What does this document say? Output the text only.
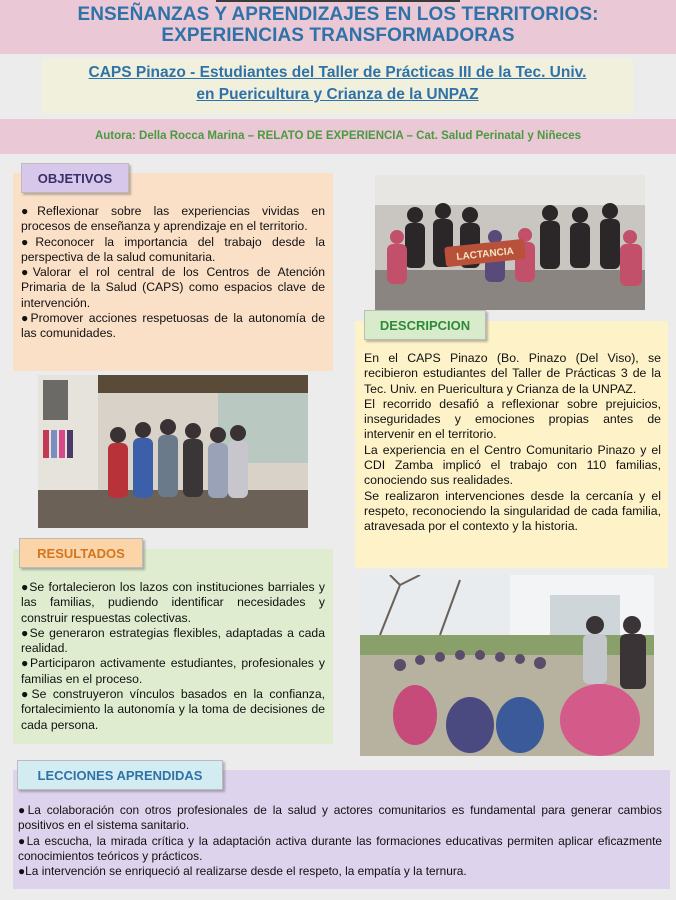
ENSEÑANZAS Y APRENDIZAJES EN LOS TERRITORIOS:
EXPERIENCIAS TRANSFORMADORAS
CAPS Pinazo - Estudiantes del Taller de Prácticas III de la Tec. Univ.
en Puericultura y Crianza de la UNPAZ
Autora: Della Rocca Marina – RELATO DE EXPERIENCIA – Cat. Salud Perinatal y Niñeces
OBJETIVOS
RESULTADOS
DESCRIPCION
LECCIONES APRENDIDAS

●Reflexionar sobre las experiencias vividas en procesos de enseñanza y aprendizaje en el territorio.

●Reconocer la importancia del trabajo desde la perspectiva de la salud comunitaria.

●Valorar el rol central de los Centros de Atención Primaria de la Salud (CAPS) como espacios clave de intervención.

●Promover acciones respetuosas de la autonomía de las comunidades.

En el CAPS Pinazo (Bo. Pinazo (Del Viso), se recibieron estudiantes del Taller de Prácticas 3 de la Tec. Univ. en Puericultura y Crianza de la UNPAZ.

El recorrido desafió a reflexionar sobre prejuicios, inseguridades y emociones propias antes de intervenir en el territorio.

La experiencia en el Centro Comunitario Pinazo y el CDI Zamba implicó el trabajo con 110 familias, conociendo sus realidades.

Se realizaron intervenciones desde la cercanía y el respeto, reconociendo la singularidad de cada familia, atravesada por el contexto y la historia.

●Se fortalecieron los lazos con instituciones barriales y las familias, pudiendo identificar necesidades y construir respuestas colectivas.

●Se generaron estrategias flexibles, adaptadas a cada realidad.

●Participaron activamente estudiantes, profesionales y familias en el proceso.

●Se construyeron vínculos basados en la confianza, fortalecimiento la autonomía y la toma de decisiones de cada persona.

●La colaboración con otros profesionales de la salud y actores comunitarios es fundamental para generar cambios positivos en el sistema sanitario.

●La escucha, la mirada crítica y la adaptación activa durante las formaciones educativas permiten aplicar eficazmente conocimientos teóricos y prácticos.

●La intervención se enriqueció al realizarse desde el respeto, la empatía y la ternura.

LACTANCIA
